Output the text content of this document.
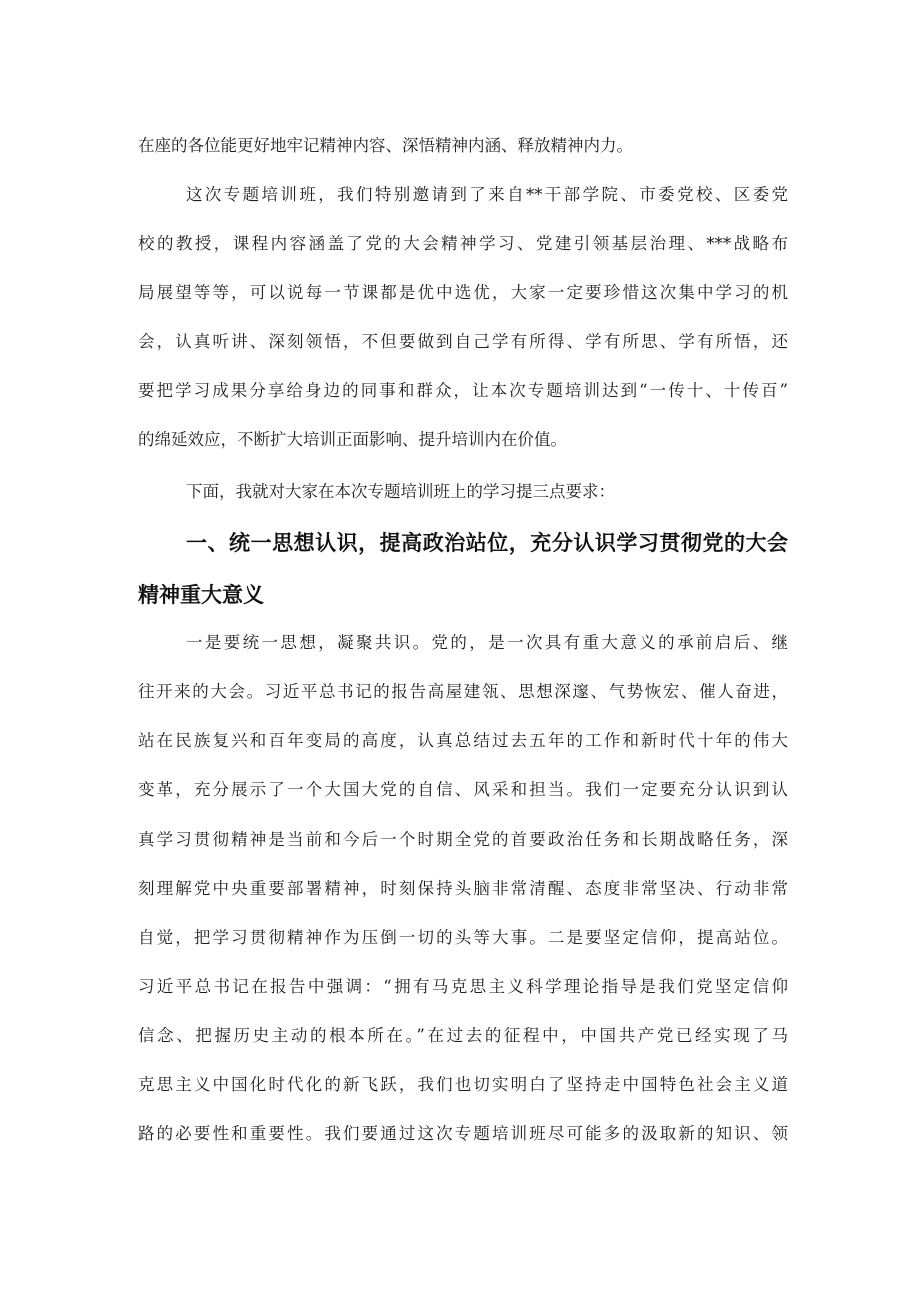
在座的各位能更好地牢记精神内容、深悟精神内涵、释放精神内力。
这次专题培训班，我们特别邀请到了来自**干部学院、市委党校、区委党
校的教授，课程内容涵盖了党的大会精神学习、党建引领基层治理、***战略布
局展望等等，可以说每一节课都是优中选优，大家一定要珍惜这次集中学习的机
会，认真听讲、深刻领悟，不但要做到自己学有所得、学有所思、学有所悟，还
要把学习成果分享给身边的同事和群众，让本次专题培训达到“一传十、十传百”
的绵延效应，不断扩大培训正面影响、提升培训内在价值。
下面，我就对大家在本次专题培训班上的学习提三点要求：
一、统一思想认识，提高政治站位，充分认识学习贯彻党的大会
精神重大意义
一是要统一思想，凝聚共识。党的，是一次具有重大意义的承前启后、继
往开来的大会。习近平总书记的报告高屋建瓴、思想深邃、气势恢宏、催人奋进，
站在民族复兴和百年变局的高度，认真总结过去五年的工作和新时代十年的伟大
变革，充分展示了一个大国大党的自信、风采和担当。我们一定要充分认识到认
真学习贯彻精神是当前和今后一个时期全党的首要政治任务和长期战略任务，深
刻理解党中央重要部署精神，时刻保持头脑非常清醒、态度非常坚决、行动非常
自觉，把学习贯彻精神作为压倒一切的头等大事。二是要坚定信仰，提高站位。
习近平总书记在报告中强调：“拥有马克思主义科学理论指导是我们党坚定信仰
信念、把握历史主动的根本所在。”在过去的征程中，中国共产党已经实现了马
克思主义中国化时代化的新飞跃，我们也切实明白了坚持走中国特色社会主义道
路的必要性和重要性。我们要通过这次专题培训班尽可能多的汲取新的知识、领
